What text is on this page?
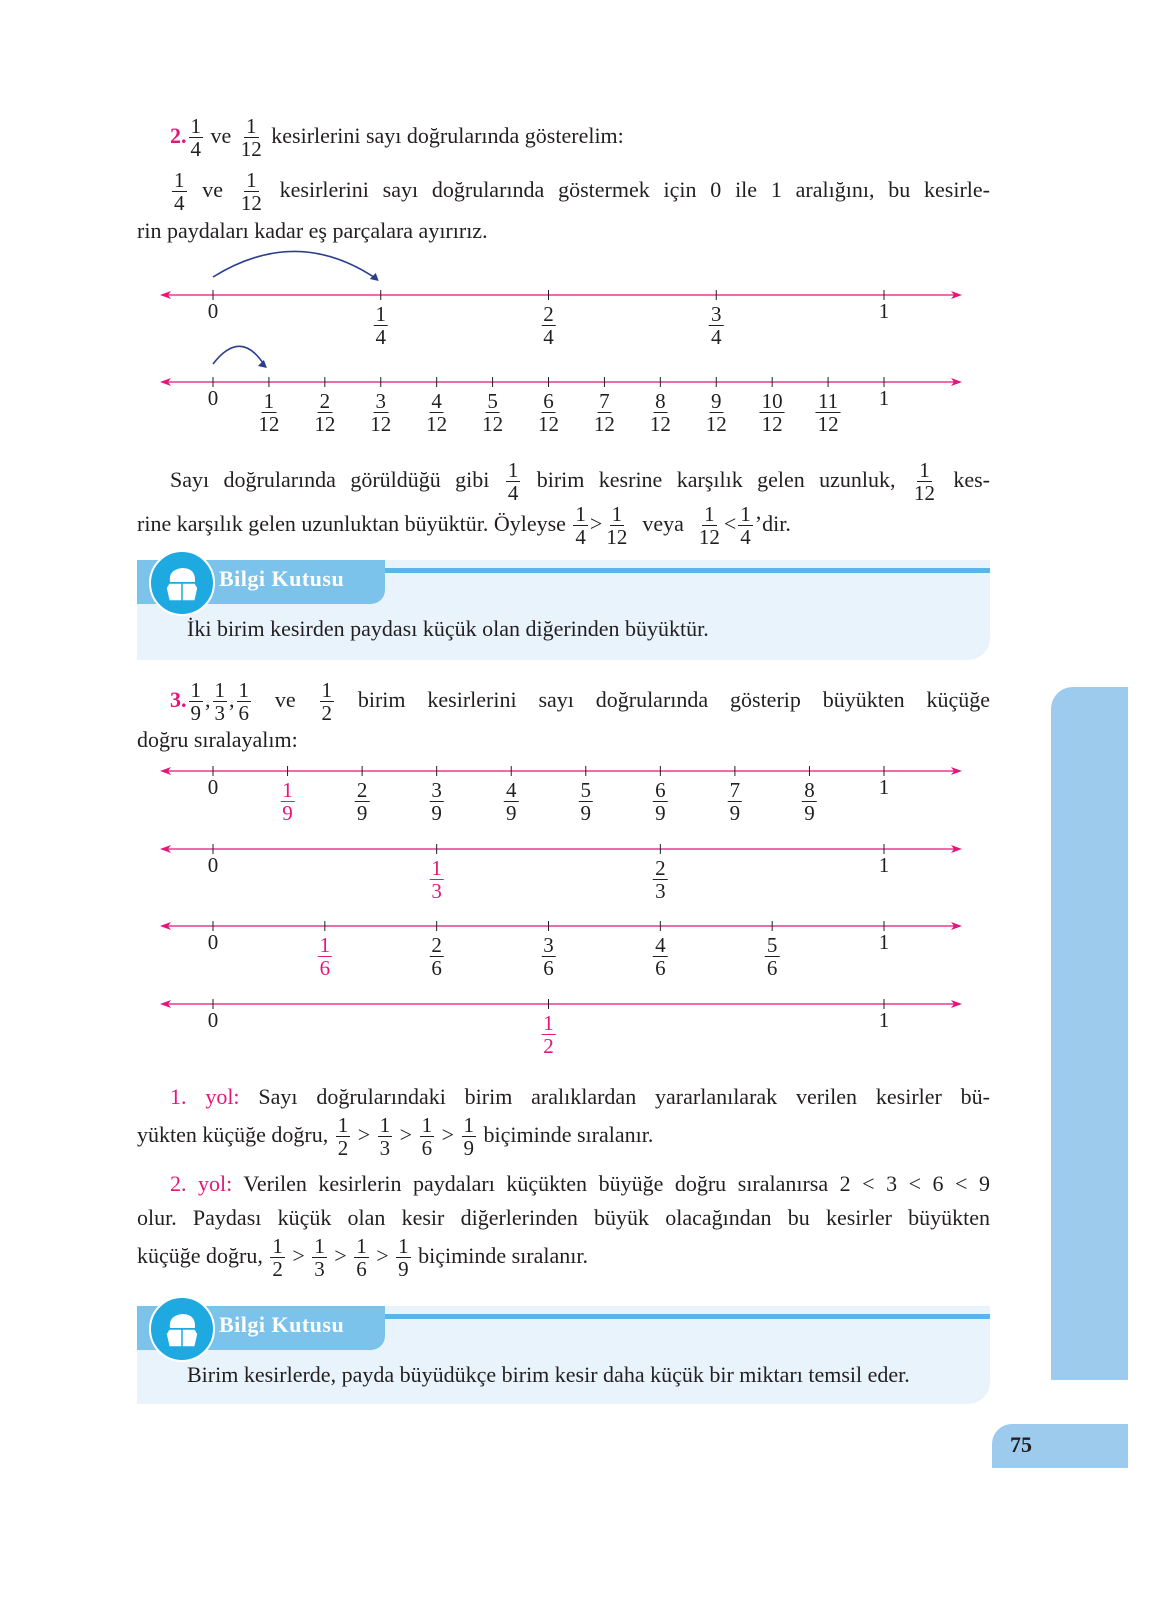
2. $\frac{1}{4}$ ve $\frac{1}{12}$ kesirlerini sayı doğrularında gösterelim:
$\frac{1}{4}$ ve $\frac{1}{12}$ kesirlerini sayı doğrularında göstermek için 0 ile 1 aralığını, bu kesirle-
rin paydaları kadar eş parçalara ayırırız.
Sayı doğrularında görüldüğü gibi $\frac{1}{4}$ birim kesrine karşılık gelen uzunluk, $\frac{1}{12} kes-$
rine karşılık gelen uzunluktan büyüktür. Öyleyse $\frac{1}{4} > \frac{1}{12}$ veya $\frac{1}{12} < \frac{1}{4}$ ’dir.
3. $\frac{1}{9}$ , $\frac{1}{3}$ , $\frac{1}{6}$ ve $\frac{1}{2}$ birim kesirlerini sayı doğrularında gösterip büyükten küçüğe
doğru sıralayalım:
1. yol: Sayı doğrularındaki birim aralıklardan yararlanılarak verilen kesirler bü-
yükten küçüğe doğru, $\frac{1}{2} > \frac{1}{3} > \frac{1}{6} > \frac{1}{9}$ biçiminde sıralanır.
2. yol: Verilen kesirlerin paydaları küçükten büyüğe doğru sıralanırsa 2 < 3 < 6 < 9
olur. Paydası küçük olan kesir diğerlerinden büyük olacağından bu kesirler büyükten
küçüğe doğru, $\frac{1}{2} > \frac{1}{3} > \frac{1}{6} > \frac{1}{9}$ biçiminde sıralanır.
0	$\frac{1}{4}$	$\frac{2}{4}$	$\frac{3}{4}$	1
$0 \frac{1}{12} \frac{2}{12} \frac{3}{12} \frac{4}{12} \frac{5}{12} \frac{6}{12} \frac{7}{12} \frac{8}{12} \frac{9}{12} \frac{10}{12} \frac{11}{12} 1$
0	$\frac{1}{9}$	$\frac{2}{9}$	$\frac{3}{9}$	$\frac{4}{9}$	$\frac{5}{9}$	$\frac{6}{9}$	$\frac{7}{9}$	$\frac{8}{9}$	1
0	$\frac{1}{3}$	$\frac{2}{3}$	1
0	$\frac{1}{6}$	$\frac{2}{6}$	$\frac{3}{6}$	$\frac{4}{6}$	$\frac{5}{6}$	1
0	$\frac{1}{2}$	1
Bilgi Kutusu
İki birim kesirden paydası küçük olan diğerinden büyüktür.
Bilgi Kutusu
Birim kesirlerde, payda büyüdükçe birim kesir daha küçük bir miktarı temsil eder.
75
